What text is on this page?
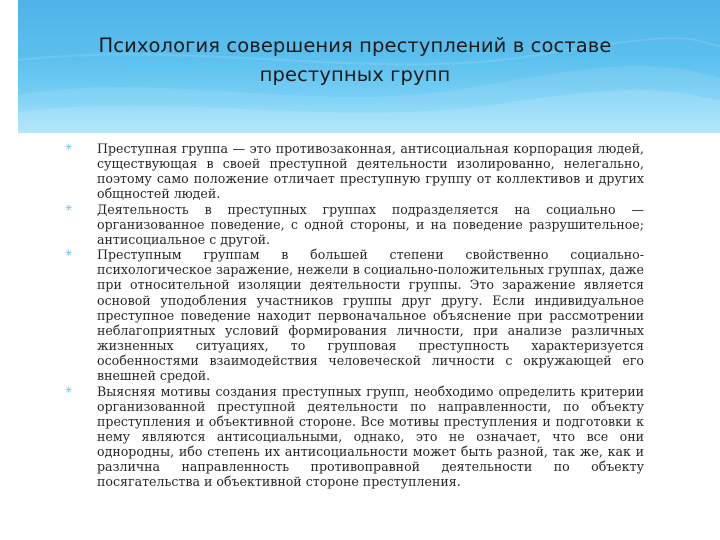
Психология совершения преступлений в составе
преступных групп
✳ Преступная группа — это противозаконная, антисоциальная корпорация людей, существующая в своей преступной деятельности изолированно, нелегально, поэтому само положение отличает преступную группу от коллективов и других общностей людей.
✳ Деятельность в преступных группах подразделяется на социально — организованное поведение, с одной стороны, и на поведение разрушительное; антисоциальное с другой.
✳ Преступным группам в большей степени свойственно социально-психологическое заражение, нежели в социально-положительных группах, даже при относительной изоляции деятельности группы. Это заражение является основой уподобления участников группы друг другу. Если индивидуальное преступное поведение находит первоначальное объяснение при рассмотрении неблагоприятных условий формирования личности, при анализе различных жизненных ситуациях, то групповая преступность характеризуется особенностями взаимодействия человеческой личности с окружающей его внешней средой.
✳ Выясняя мотивы создания преступных групп, необходимо определить критерии организованной преступной деятельности по направленности, по объекту преступления и объективной стороне. Все мотивы преступления и подготовки к нему являются антисоциальными, однако, это не означает, что все они однородны, ибо степень их антисоциальности может быть разной, так же, как и различна направленность противоправной деятельности по объекту посягательства и объективной стороне преступления.
